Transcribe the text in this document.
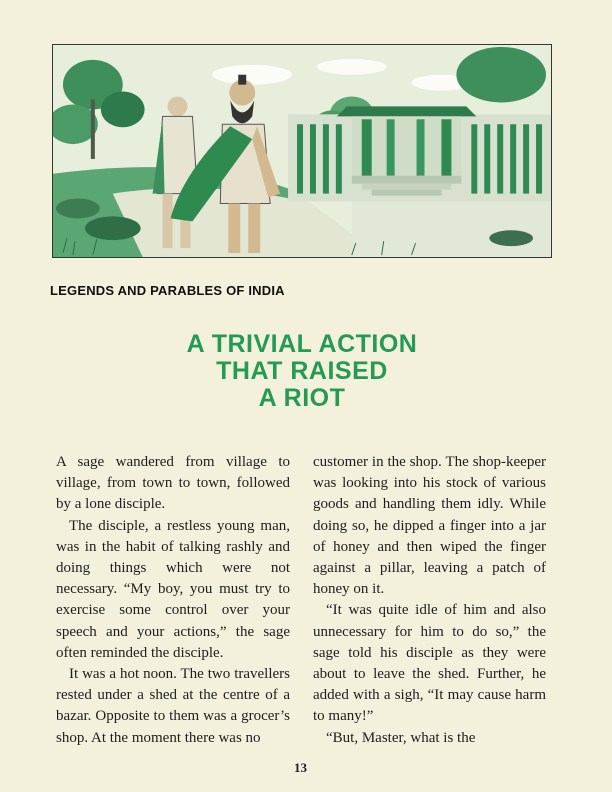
LEGENDS AND PARABLES OF INDIA
A TRIVIAL ACTION
THAT RAISED
A RIOT

A sage wandered from village to village, from town to town, followed by a lone disciple.

The disciple, a restless young man, was in the habit of talking rashly and doing things which were not necessary. “My boy, you must try to exercise some control over your speech and your actions,” the sage often reminded the disciple.

It was a hot noon. The two travellers rested under a shed at the centre of a bazar. Opposite to them was a grocer’s shop. At the moment there was no

customer in the shop. The shop-keeper was looking into his stock of various goods and handling them idly. While doing so, he dipped a finger into a jar of honey and then wiped the finger against a pillar, leaving a patch of honey on it.

“It was quite idle of him and also unnecessary for him to do so,” the sage told his disciple as they were about to leave the shed. Further, he added with a sigh, “It may cause harm to many!”

“But, Master, what is the

13
